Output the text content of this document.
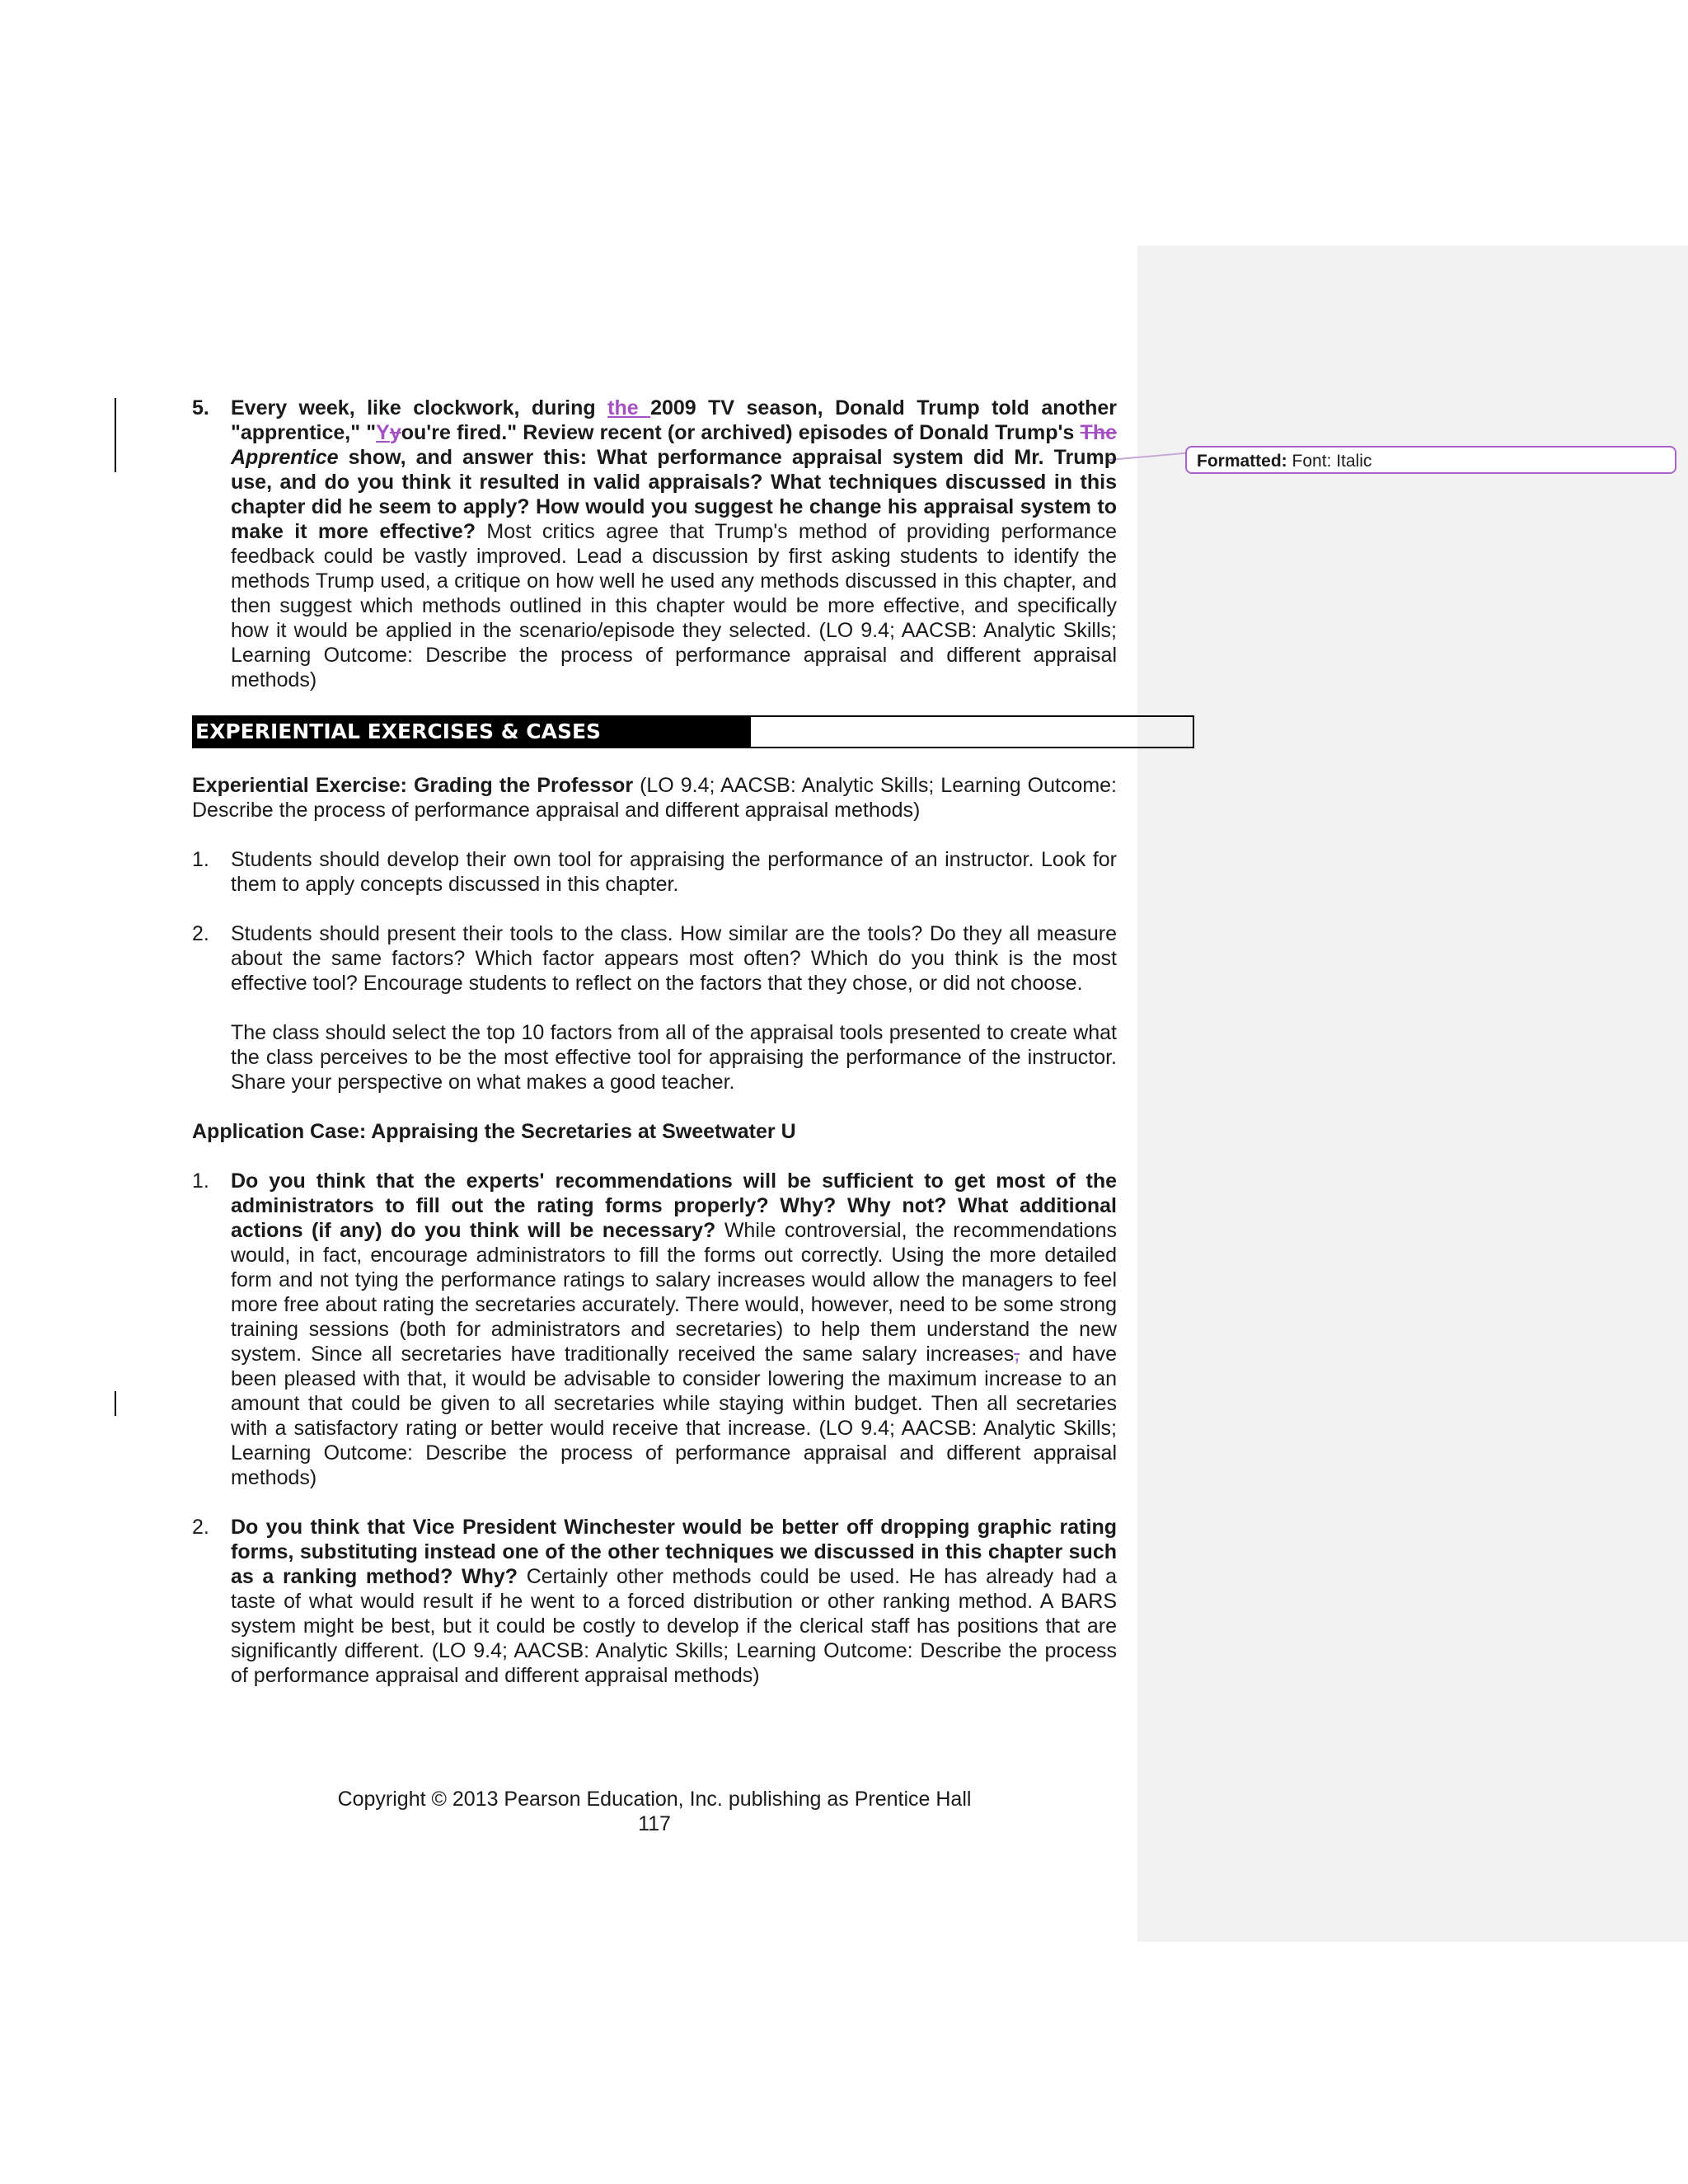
Formatted: Font: Italic

5.	Every week, like clockwork, during the 2009 TV season, Donald Trump told another "apprentice," "Yyou're fired." Review recent (or archived) episodes of Donald Trump's The Apprentice show, and answer this: What performance appraisal system did Mr. Trump use, and do you think it resulted in valid appraisals? What techniques discussed in this chapter did he seem to apply? How would you suggest he change his appraisal system to make it more effective? Most critics agree that Trump's method of providing performance feedback could be vastly improved. Lead a discussion by first asking students to identify the methods Trump used, a critique on how well he used any methods discussed in this chapter, and then suggest which methods outlined in this chapter would be more effective, and specifically how it would be applied in the scenario/episode they selected. (LO 9.4; AACSB: Analytic Skills; Learning Outcome: Describe the process of performance appraisal and different appraisal methods)

EXPERIENTIAL EXERCISES & CASES

Experiential Exercise: Grading the Professor (LO 9.4; AACSB: Analytic Skills; Learning Outcome: Describe the process of performance appraisal and different appraisal methods)

1.	Students should develop their own tool for appraising the performance of an instructor. Look for them to apply concepts discussed in this chapter.

2.	Students should present their tools to the class. How similar are the tools? Do they all measure about the same factors? Which factor appears most often? Which do you think is the most effective tool? Encourage students to reflect on the factors that they chose, or did not choose.

The class should select the top 10 factors from all of the appraisal tools presented to create what the class perceives to be the most effective tool for appraising the performance of the instructor. Share your perspective on what makes a good teacher.

Application Case: Appraising the Secretaries at Sweetwater U

1.	Do you think that the experts' recommendations will be sufficient to get most of the administrators to fill out the rating forms properly? Why? Why not? What additional actions (if any) do you think will be necessary? While controversial, the recommendations would, in fact, encourage administrators to fill the forms out correctly. Using the more detailed form and not tying the performance ratings to salary increases would allow the managers to feel more free about rating the secretaries accurately. There would, however, need to be some strong training sessions (both for administrators and secretaries) to help them understand the new system. Since all secretaries have traditionally received the same salary increases, and have been pleased with that, it would be advisable to consider lowering the maximum increase to an amount that could be given to all secretaries while staying within budget. Then all secretaries with a satisfactory rating or better would receive that increase. (LO 9.4; AACSB: Analytic Skills; Learning Outcome: Describe the process of performance appraisal and different appraisal methods)

2.	Do you think that Vice President Winchester would be better off dropping graphic rating forms, substituting instead one of the other techniques we discussed in this chapter such as a ranking method? Why? Certainly other methods could be used. He has already had a taste of what would result if he went to a forced distribution or other ranking method. A BARS system might be best, but it could be costly to develop if the clerical staff has positions that are significantly different. (LO 9.4; AACSB: Analytic Skills; Learning Outcome: Describe the process of performance appraisal and different appraisal methods)

Copyright © 2013 Pearson Education, Inc. publishing as Prentice Hall
117
